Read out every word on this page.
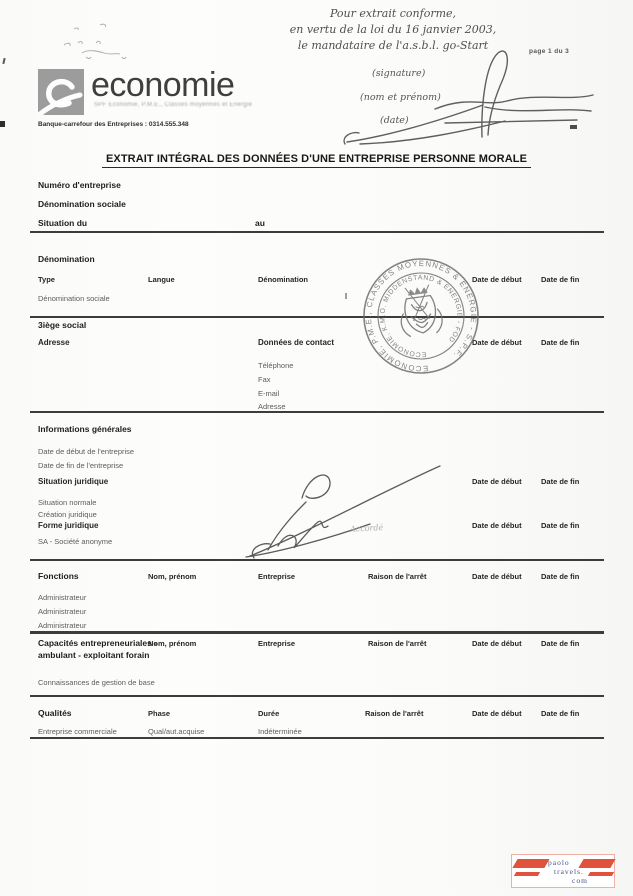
Pour extrait conforme,
en vertu de la loi du 16 janvier 2003,
le mandataire de l'a.s.b.l. go-Start	page 1 du 3
(signature)
(nom et prénom)
(date)
economie
SPF Economie, P.M.E., Classes moyennes et Energie
Banque-carrefour des Entreprises : 0314.555.348
EXTRAIT INTÉGRAL DES DONNÉES D'UNE ENTREPRISE PERSONNE MORALE
Numéro d'entreprise
Dénomination sociale
Situation du	au
Dénomination
Type	Langue	Dénomination	Date de début	Date de fin
Dénomination sociale
3iège social
Adresse	Données de contact	Date de début	Date de fin
Téléphone
Fax
E-mail
Adresse
ECONOMIE, P.M.E., CLASSES MOYENNES & ENERGIE - S.P.F.
ECONOMIE, K.M.O. MIDDENSTAND & ENERGIE - FOD
Informations générales
Date de début de l'entreprise
Date de fin de l'entreprise
Situation juridique	Date de début	Date de fin
Situation normale
Création juridique
Forme juridique	Date de début	Date de fin
SA - Société anonyme
Accordé
Fonctions	Nom, prénom	Entreprise	Raison de l'arrêt	Date de début	Date de fin
Administrateur
Administrateur
Administrateur
Capacités entrepreneuriales -
ambulant - exploitant forain
Nom, prénom	Entreprise	Raison de l'arrêt	Date de début	Date de fin
Connaissances de gestion de base
Qualités	Phase	Durée	Raison de l'arrêt	Date de début	Date de fin
Entreprise commerciale	Qual/aut.acquise	Indéterminée
paolo
travels.
com
